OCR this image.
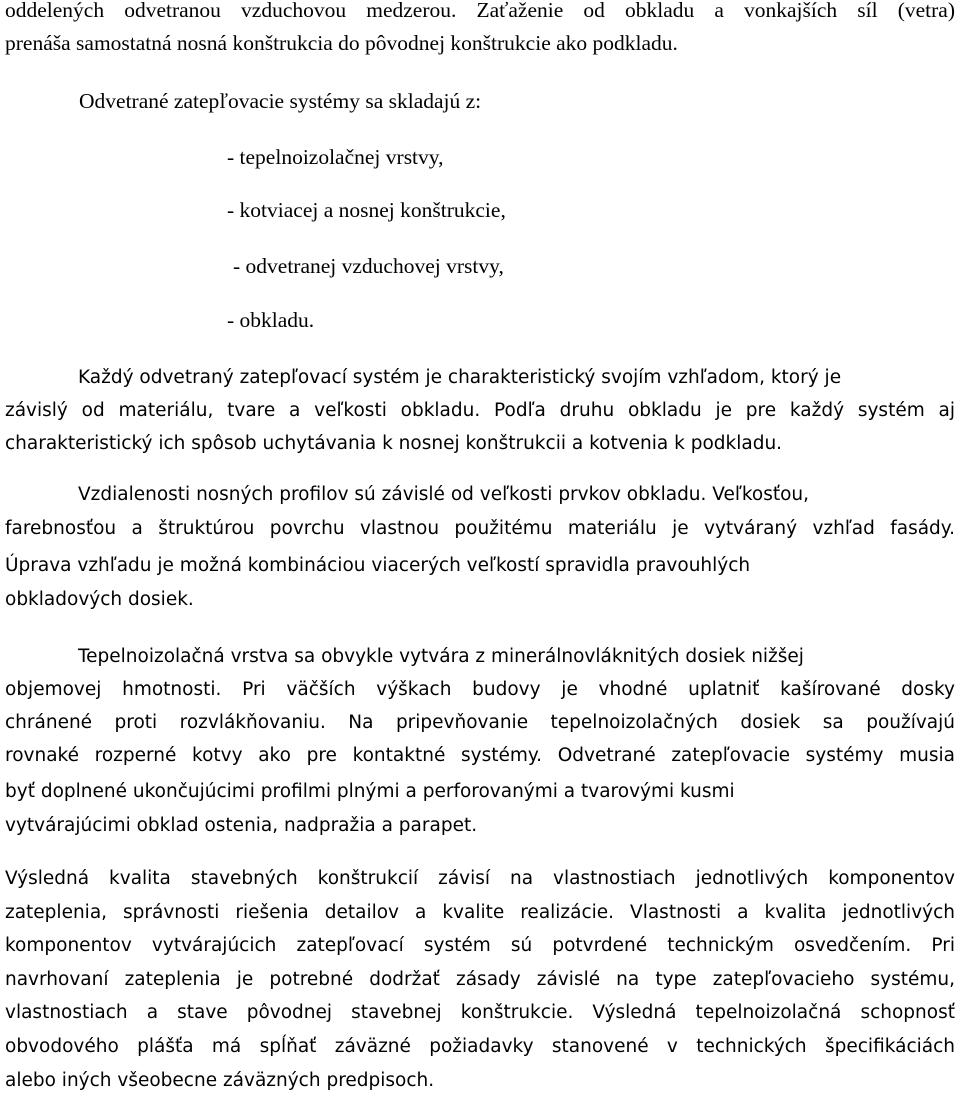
oddelených odvetranou vzduchovou medzerou. Zaťaženie od obkladu a vonkajších síl (vetra)
prenáša samostatná nosná konštrukcia do pôvodnej konštrukcie ako podkladu.
Odvetrané zatepľovacie systémy sa skladajú z:
- tepelnoizolačnej vrstvy,
- kotviacej a nosnej konštrukcie,
- odvetranej vzduchovej vrstvy,
- obkladu.
Každý odvetraný zatepľovací systém je charakteristický svojím vzhľadom, ktorý je
závislý od materiálu, tvare a veľkosti obkladu. Podľa druhu obkladu je pre každý systém aj
charakteristický ich spôsob uchytávania k nosnej konštrukcii a kotvenia k podkladu.
Vzdialenosti nosných profilov sú závislé od veľkosti prvkov obkladu. Veľkosťou,
farebnosťou a štruktúrou povrchu vlastnou použitému materiálu je vytváraný vzhľad fasády.
Úprava vzhľadu je možná kombináciou viacerých veľkostí spravidla pravouhlých
obkladových dosiek.
Tepelnoizolačná vrstva sa obvykle vytvára z minerálnovláknitých dosiek nižšej
objemovej hmotnosti. Pri väčších výškach budovy je vhodné uplatniť kašírované dosky
chránené proti rozvlákňovaniu. Na pripevňovanie tepelnoizolačných dosiek sa používajú
rovnaké rozperné kotvy ako pre kontaktné systémy. Odvetrané zatepľovacie systémy musia
byť doplnené ukončujúcimi profilmi plnými a perforovanými a tvarovými kusmi
vytvárajúcimi obklad ostenia, nadpražia a parapet.
Výsledná kvalita stavebných konštrukcií závisí na vlastnostiach jednotlivých komponentov
zateplenia, správnosti riešenia detailov a kvalite realizácie. Vlastnosti a kvalita jednotlivých
komponentov vytvárajúcich zatepľovací systém sú potvrdené technickým osvedčením. Pri
navrhovaní zateplenia je potrebné dodržať zásady závislé na type zatepľovacieho systému,
vlastnostiach a stave pôvodnej stavebnej konštrukcie. Výsledná tepelnoizolačná schopnosť
obvodového plášťa má spĺňať záväzné požiadavky stanovené v technických špecifikáciách
alebo iných všeobecne záväzných predpisoch.
